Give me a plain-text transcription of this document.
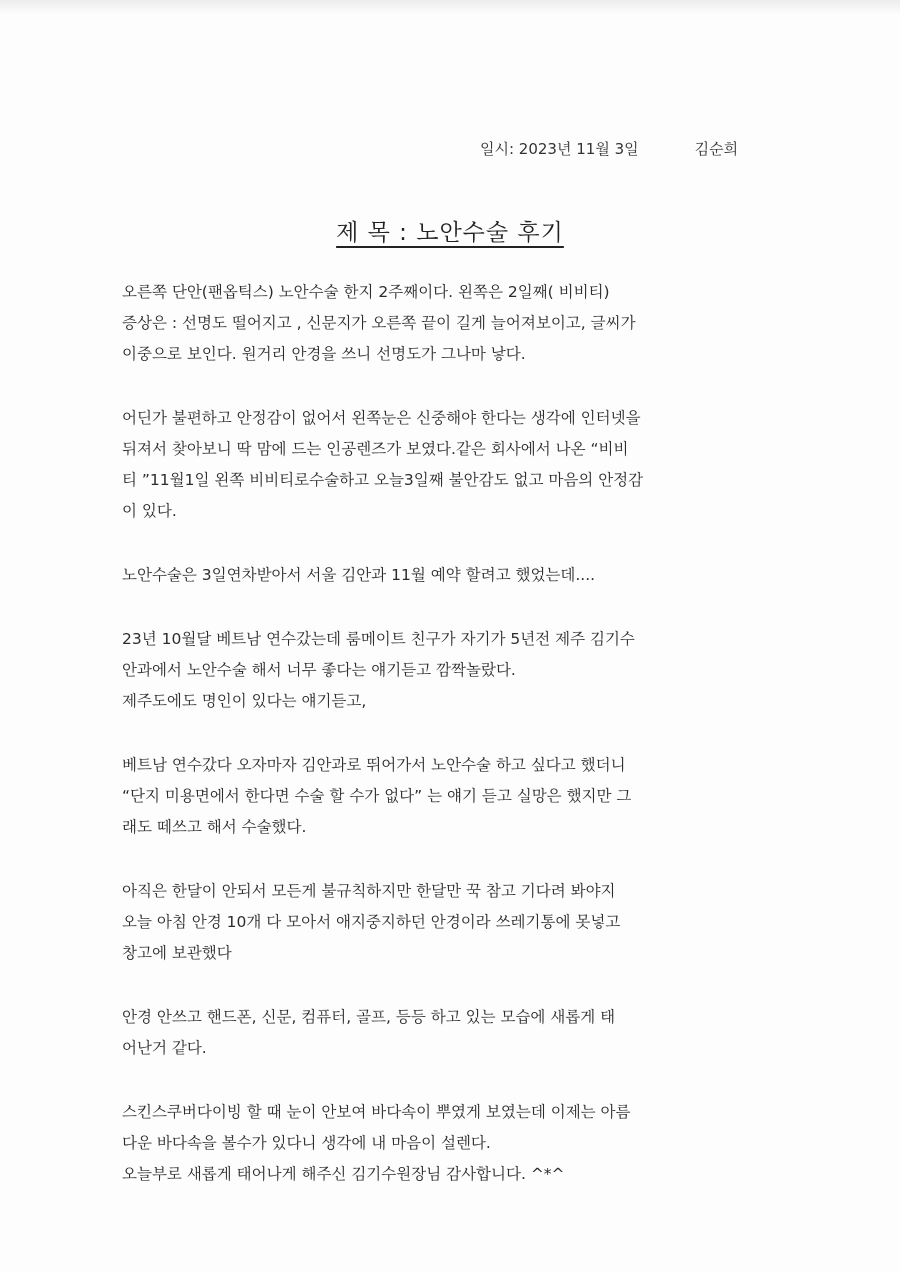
일시: 2023년 11월 3일	김순희
제 목 : 노안수술 후기
오른쪽 단안(팬옵틱스) 노안수술 한지 2주째이다. 왼쪽은 2일째( 비비티)
증상은 : 선명도 떨어지고 , 신문지가 오른쪽 끝이 길게 늘어져보이고, 글씨가
이중으로 보인다. 원거리 안경을 쓰니 선명도가 그나마 낳다.
어딘가 불편하고 안정감이 없어서 왼쪽눈은 신중해야 한다는 생각에 인터넷을
뒤져서 찾아보니 딱 맘에 드는 인공렌즈가 보였다.같은 회사에서 나온 “비비
티 ”11월1일 왼쪽 비비티로수술하고 오늘3일째 불안감도 없고 마음의 안정감
이 있다.
노안수술은 3일연차받아서 서울 김안과 11월 예약 할려고 했었는데....
23년 10월달 베트남 연수갔는데 룸메이트 친구가 자기가 5년전 제주 김기수
안과에서 노안수술 해서 너무 좋다는 얘기듣고 깜짝놀랐다.
제주도에도 명인이 있다는 얘기듣고,
베트남 연수갔다 오자마자 김안과로 뛰어가서 노안수술 하고 싶다고 했더니
“단지 미용면에서 한다면 수술 할 수가 없다” 는 얘기 듣고 실망은 했지만 그
래도 떼쓰고 해서 수술했다.
아직은 한달이 안되서 모든게 불규칙하지만 한달만 꾹 참고 기다려 봐야지
오늘 아침 안경 10개 다 모아서 애지중지하던 안경이라 쓰레기통에 못넣고
창고에 보관했다
안경 안쓰고 핸드폰, 신문, 컴퓨터, 골프, 등등 하고 있는 모습에 새롭게 태
어난거 같다.
스킨스쿠버다이빙 할 때 눈이 안보여 바다속이 뿌였게 보였는데 이제는 아름
다운 바다속을 볼수가 있다니 생각에 내 마음이 설렌다.
오늘부로 새롭게 태어나게 해주신 김기수원장님 감사합니다. ^*^
